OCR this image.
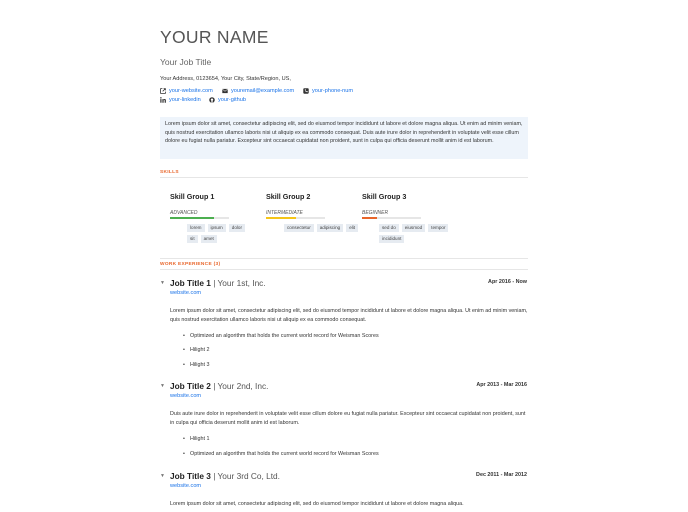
YOUR NAME
Your Job Title
Your Address, 0123654, Your City, State/Region, US,
your-website.com	youremail@example.com	your-phone-num
your-linkedin	your-github
Lorem ipsum dolor sit amet, consectetur adipiscing elit, sed do eiusmod tempor incididunt ut labore et dolore magna aliqua. Ut enim ad minim veniam, quis nostrud exercitation ullamco laboris nisi ut aliquip ex ea commodo consequat. Duis aute irure dolor in reprehenderit in voluptate velit esse cillum dolore eu fugiat nulla pariatur. Excepteur sint occaecat cupidatat non proident, sunt in culpa qui officia deserunt mollit anim id est laborum.
SKILLS
Skill Group 1
ADVANCED
lorem	ipsum	dolor
sit	amet
Skill Group 2
INTERMEDIATE
consectetur	adipiscing	elit
Skill Group 3
BEGINNER
sed do	eiusmod	tempor
incididunt
WORK EXPERIENCE (3)
▼ Job Title 1 | Your 1st, Inc.	Apr 2016 - Now
website.com
Lorem ipsum dolor sit amet, consectetur adipiscing elit, sed do eiusmod tempor incididunt ut labore et dolore magna aliqua. Ut enim ad minim veniam, quis nostrud exercitation ullamco laboris nisi ut aliquip ex ea commodo consequat.
• Optimized an algorithm that holds the current world record for Weisman Scores
• Hilight 2
• Hilight 3
▼ Job Title 2 | Your 2nd, Inc.	Apr 2013 - Mar 2016
website.com
Duis aute irure dolor in reprehenderit in voluptate velit esse cillum dolore eu fugiat nulla pariatur. Excepteur sint occaecat cupidatat non proident, sunt in culpa qui officia deserunt mollit anim id est laborum.
• Hilight 1
• Optimized an algorithm that holds the current world record for Weisman Scores
▼ Job Title 3 | Your 3rd Co, Ltd.	Dec 2011 - Mar 2012
website.com
Lorem ipsum dolor sit amet, consectetur adipiscing elit, sed do eiusmod tempor incididunt ut labore et dolore magna aliqua.
